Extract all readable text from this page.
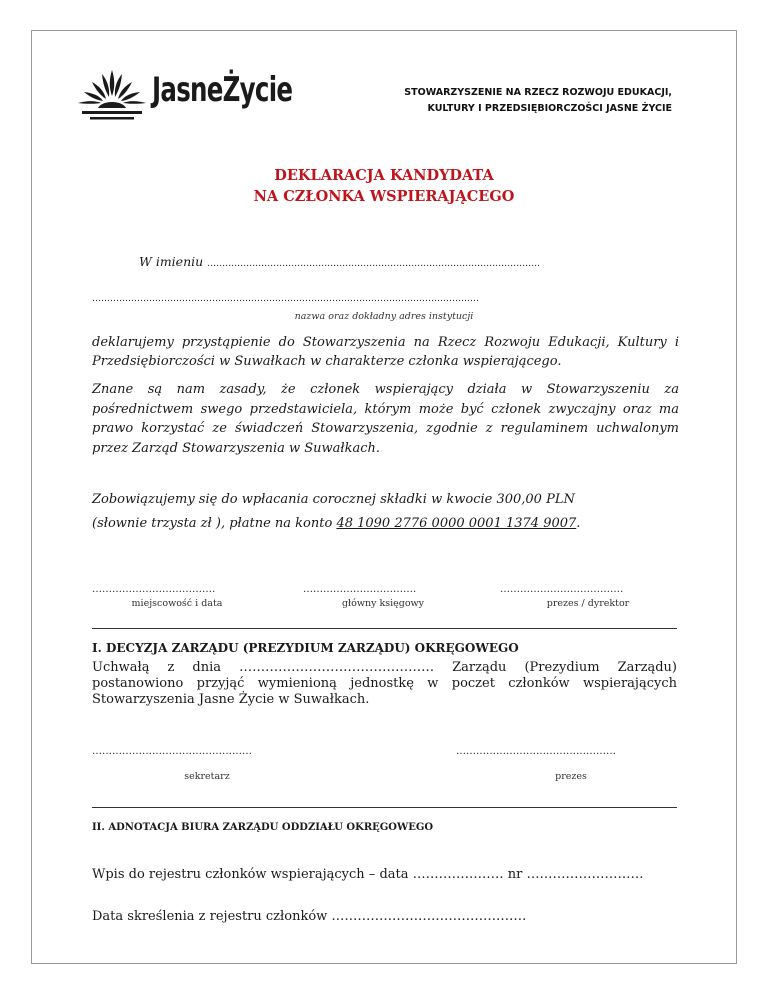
JasneŻycie	STOWARZYSZENIE NA RZECZ ROZWOJU EDUKACJI,
KULTURY I PRZEDSIĘBIORCZOŚCI JASNE ŻYCIE
DEKLARACJA KANDYDATA
NA CZŁONKA WSPIERAJĄCEGO
W imieniu …………………………………………………………………………………………………
…………………………………………………………………………………………………………………
nazwa oraz dokładny adres instytucji
deklarujemy przystąpienie do Stowarzyszenia na Rzecz Rozwoju Edukacji, Kultury i Przedsiębiorczości w Suwałkach w charakterze członka wspierającego.
Znane są nam zasady, że członek wspierający działa w Stowarzyszeniu za pośrednictwem swego przedstawiciela, którym może być członek zwyczajny oraz ma prawo korzystać ze świadczeń Stowarzyszenia, zgodnie z regulaminem uchwalonym przez Zarząd Stowarzyszenia w Suwałkach.
Zobowiązujemy się do wpłacania corocznej składki w kwocie 300,00 PLN
(słownie trzysta zł ), płatne na konto 48 1090 2776 0000 0001 1374 9007.
……………………………….	…………………………….	……………………………….
miejscowość i data	główny księgowy	prezes / dyrektor
I. DECYZJA ZARZĄDU (PREZYDIUM ZARZĄDU) OKRĘGOWEGO
Uchwałą z dnia ……………………………………… Zarządu (Prezydium Zarządu) postanowiono przyjąć wymienioną jednostkę w poczet członków wspierających Stowarzyszenia Jasne Życie w Suwałkach.
…………………………………………	…………………………………………
sekretarz	prezes
II. ADNOTACJA BIURA ZARZĄDU ODDZIAŁU OKRĘGOWEGO
Wpis do rejestru członków wspierających – data ………………… nr ………………………
Data skreślenia z rejestru członków ………………………………………
